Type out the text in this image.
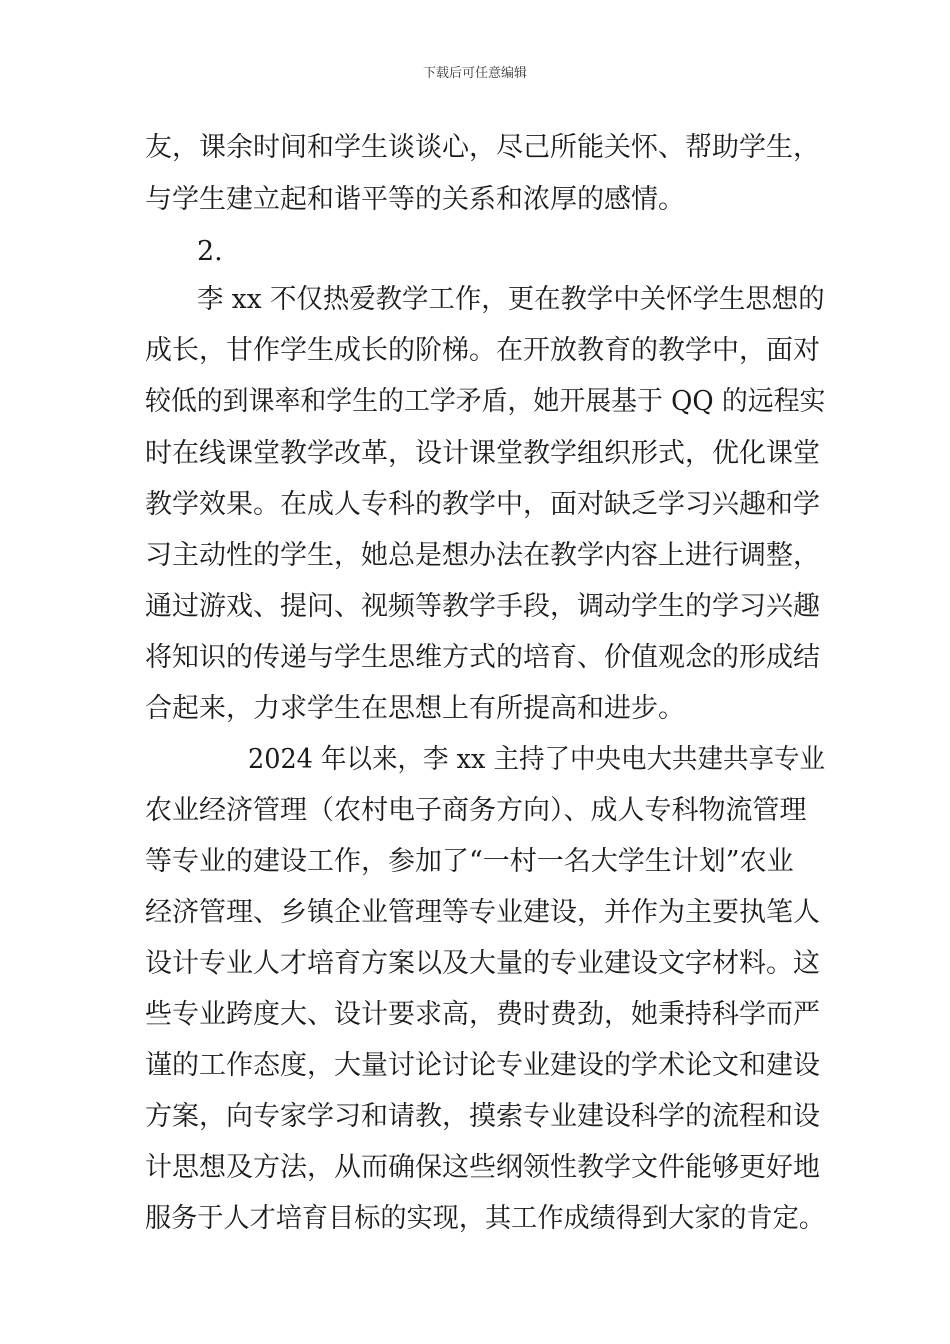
下载后可任意编辑
友，课余时间和学生谈谈心，尽己所能关怀、帮助学生，
与学生建立起和谐平等的关系和浓厚的感情。
2.
李 xx 不仅热爱教学工作，更在教学中关怀学生思想的
成长，甘作学生成长的阶梯。在开放教育的教学中，面对
较低的到课率和学生的工学矛盾，她开展基于 QQ 的远程实
时在线课堂教学改革，设计课堂教学组织形式，优化课堂
教学效果。在成人专科的教学中，面对缺乏学习兴趣和学
习主动性的学生，她总是想办法在教学内容上进行调整，
通过游戏、提问、视频等教学手段，调动学生的学习兴趣
将知识的传递与学生思维方式的培育、价值观念的形成结
合起来，力求学生在思想上有所提高和进步。
2024 年以来，李 xx 主持了中央电大共建共享专业
农业经济管理（农村电子商务方向）、成人专科物流管理
等专业的建设工作，参加了“一村一名大学生计划”农业
经济管理、乡镇企业管理等专业建设，并作为主要执笔人
设计专业人才培育方案以及大量的专业建设文字材料。这
些专业跨度大、设计要求高，费时费劲，她秉持科学而严
谨的工作态度，大量讨论讨论专业建设的学术论文和建设
方案，向专家学习和请教，摸索专业建设科学的流程和设
计思想及方法，从而确保这些纲领性教学文件能够更好地
服务于人才培育目标的实现，其工作成绩得到大家的肯定。
